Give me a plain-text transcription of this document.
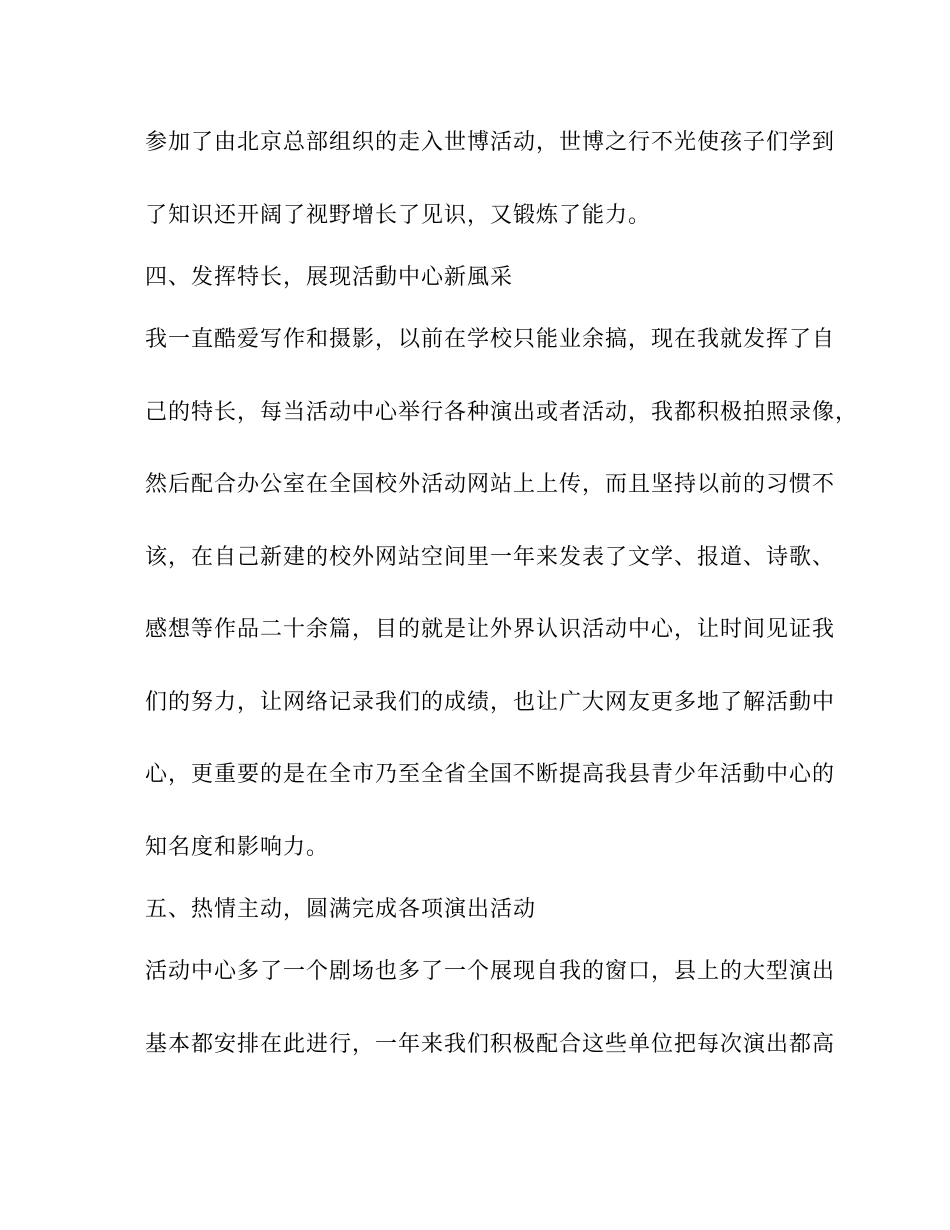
参加了由北京总部组织的走入世博活动，世博之行不光使孩子们学到
了知识还开阔了视野增长了见识，又锻炼了能力。
四、发挥特长，展现活動中心新風采
我一直酷爱写作和摄影，以前在学校只能业余搞，现在我就发挥了自
己的特长，每当活动中心举行各种演出或者活动，我都积极拍照录像，
然后配合办公室在全国校外活动网站上上传，而且坚持以前的习惯不
该，在自己新建的校外网站空间里一年来发表了文学、报道、诗歌、
感想等作品二十余篇，目的就是让外界认识活动中心，让时间见证我
们的努力，让网络记录我们的成绩，也让广大网友更多地了解活動中
心，更重要的是在全市乃至全省全国不断提高我县青少年活動中心的
知名度和影响力。
五、热情主动，圆满完成各项演出活动
活动中心多了一个剧场也多了一个展现自我的窗口，县上的大型演出
基本都安排在此进行，一年来我们积极配合这些单位把每次演出都高
